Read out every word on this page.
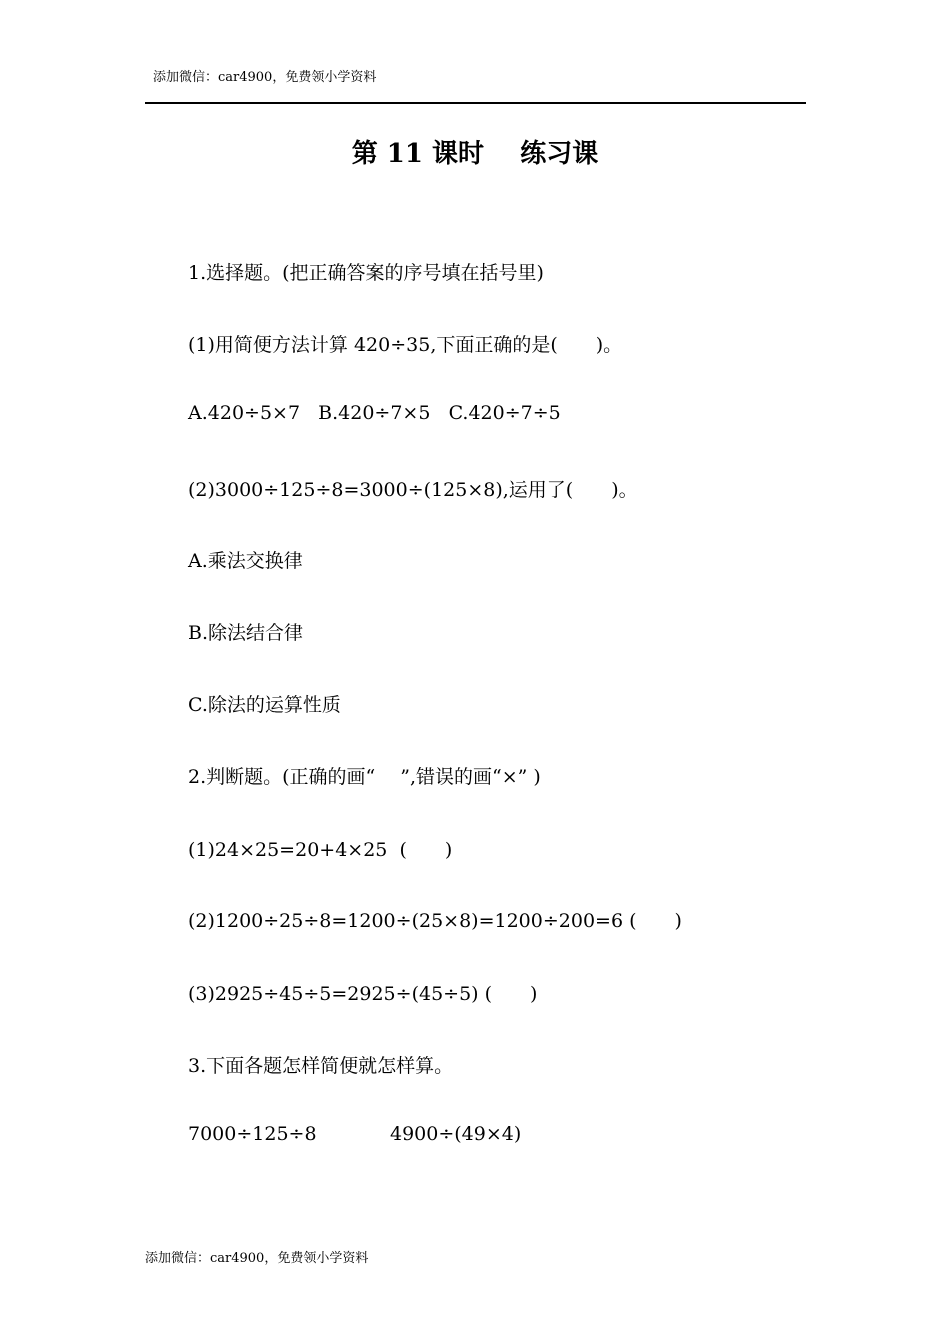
添加微信：car4900，免费领小学资料
第 11 课时 练习课
1.选择题。(把正确答案的序号填在括号里)
(1)用简便方法计算 420÷35,下面正确的是(　　)。
A.420÷5×7   B.420÷7×5   C.420÷7÷5
(2)3000÷125÷8=3000÷(125×8),运用了(　　)。
A.乘法交换律
B.除法结合律
C.除法的运算性质
2.判断题。(正确的画“　 ”,错误的画“×” )
(1)24×25=20+4×25  (　　)
(2)1200÷25÷8=1200÷(25×8)=1200÷200=6 (　　)
(3)2925÷45÷5=2925÷(45÷5) (　　)
3.下面各题怎样简便就怎样算。
7000÷125÷8	4900÷(49×4)
添加微信：car4900，免费领小学资料
